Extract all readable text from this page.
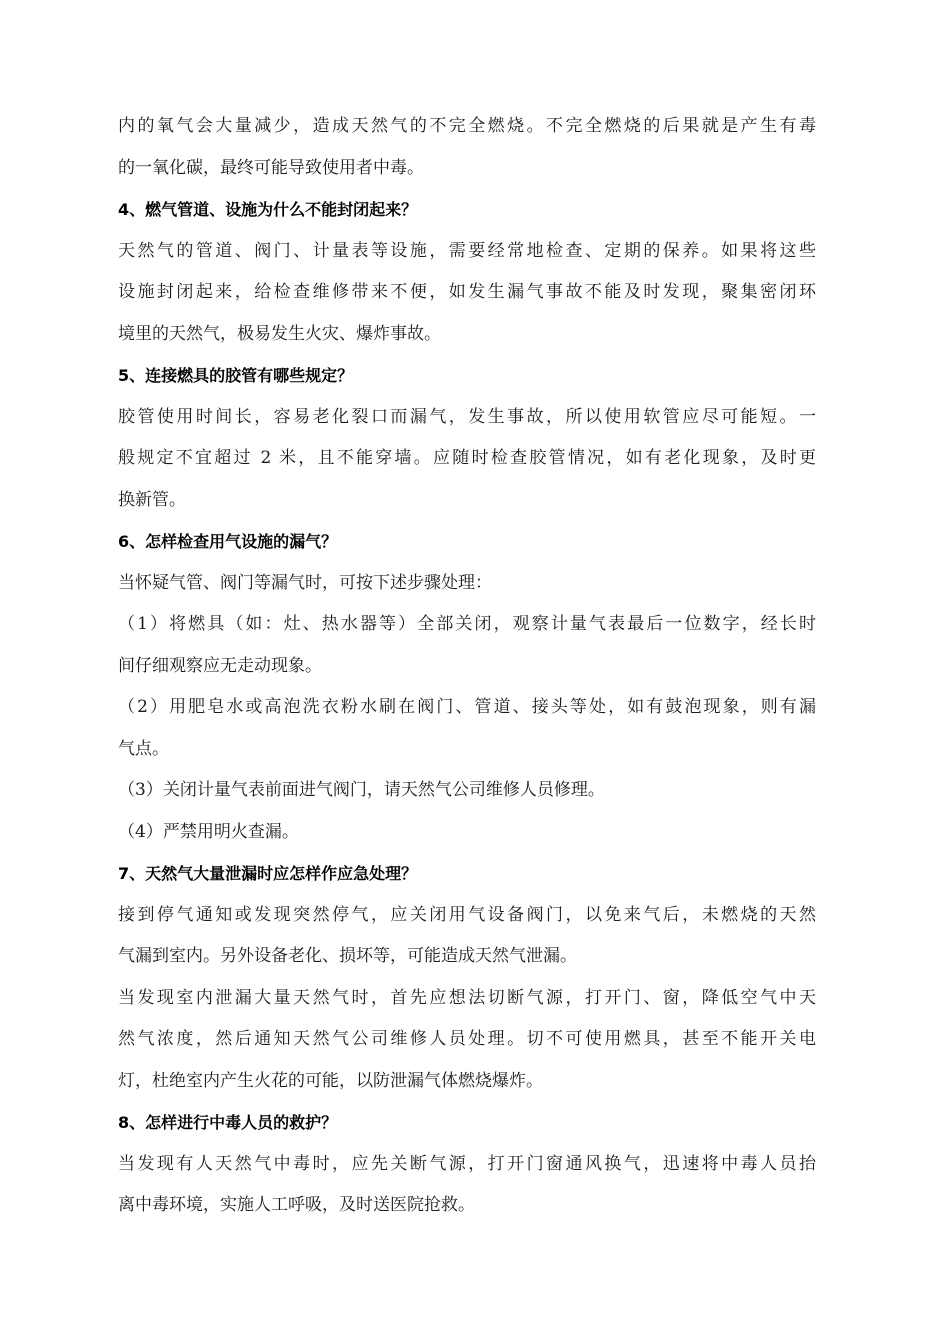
内的氧气会大量减少，造成天然气的不完全燃烧。不完全燃烧的后果就是产生有毒
的一氧化碳，最终可能导致使用者中毒。
4、燃气管道、设施为什么不能封闭起来？
天然气的管道、阀门、计量表等设施，需要经常地检查、定期的保养。如果将这些
设施封闭起来，给检查维修带来不便，如发生漏气事故不能及时发现，聚集密闭环
境里的天然气，极易发生火灾、爆炸事故。
5、连接燃具的胶管有哪些规定？
胶管使用时间长，容易老化裂口而漏气，发生事故，所以使用软管应尽可能短。一
般规定不宜超过 2 米，且不能穿墙。应随时检查胶管情况，如有老化现象，及时更
换新管。
6、怎样检查用气设施的漏气？
当怀疑气管、阀门等漏气时，可按下述步骤处理：
（1）将燃具（如：灶、热水器等）全部关闭，观察计量气表最后一位数字，经长时
间仔细观察应无走动现象。
（2）用肥皂水或高泡洗衣粉水刷在阀门、管道、接头等处，如有鼓泡现象，则有漏
气点。
（3）关闭计量气表前面进气阀门，请天然气公司维修人员修理。
（4）严禁用明火查漏。
7、天然气大量泄漏时应怎样作应急处理？
接到停气通知或发现突然停气，应关闭用气设备阀门，以免来气后，未燃烧的天然
气漏到室内。另外设备老化、损坏等，可能造成天然气泄漏。
当发现室内泄漏大量天然气时，首先应想法切断气源，打开门、窗，降低空气中天
然气浓度，然后通知天然气公司维修人员处理。切不可使用燃具，甚至不能开关电
灯，杜绝室内产生火花的可能，以防泄漏气体燃烧爆炸。
8、怎样进行中毒人员的救护？
当发现有人天然气中毒时，应先关断气源，打开门窗通风换气，迅速将中毒人员抬
离中毒环境，实施人工呼吸，及时送医院抢救。
